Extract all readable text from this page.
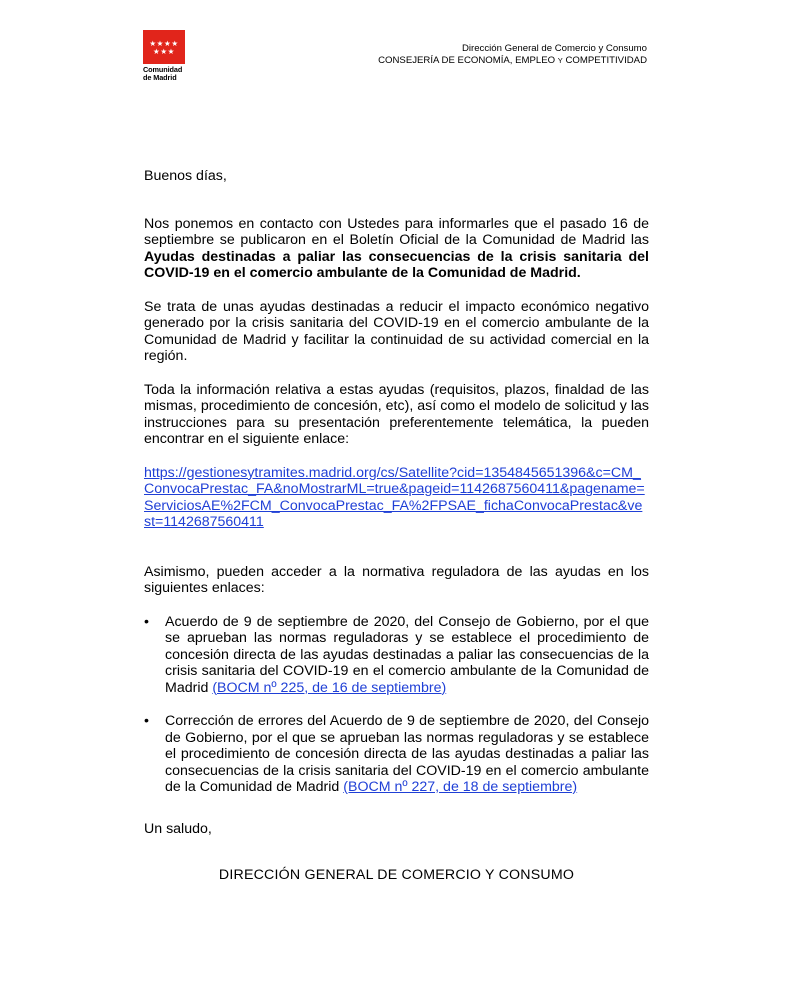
★★★★
★★★
Comunidad
de Madrid
Dirección General de Comercio y Consumo
CONSEJERÍA DE ECONOMÍA, EMPLEO Y COMPETITIVIDAD

Buenos días,

Nos ponemos en contacto con Ustedes para informarles que el pasado 16 de septiembre se publicaron en el Boletín Oficial de la Comunidad de Madrid las Ayudas destinadas a paliar las consecuencias de la crisis sanitaria del COVID-19 en el comercio ambulante de la Comunidad de Madrid.

Se trata de unas ayudas destinadas a reducir el impacto económico negativo generado por la crisis sanitaria del COVID-19 en el comercio ambulante de la Comunidad de Madrid y facilitar la continuidad de su actividad comercial en la región.

Toda la información relativa a estas ayudas (requisitos, plazos, finaldad de las mismas, procedimiento de concesión, etc), así como el modelo de solicitud y las instrucciones para su presentación preferentemente telemática, la pueden encontrar en el siguiente enlace:

https://gestionesytramites.madrid.org/cs/Satellite?cid=1354845651396&c=CM_ConvocaPrestac_FA&noMostrarML=true&pageid=1142687560411&pagename=ServiciosAE%2FCM_ConvocaPrestac_FA%2FPSAE_fichaConvocaPrestac&vest=1142687560411

Asimismo, pueden acceder a la normativa reguladora de las ayudas en los siguientes enlaces:

• Acuerdo de 9 de septiembre de 2020, del Consejo de Gobierno, por el que se aprueban las normas reguladoras y se establece el procedimiento de concesión directa de las ayudas destinadas a paliar las consecuencias de la crisis sanitaria del COVID-19 en el comercio ambulante de la Comunidad de Madrid (BOCM nº 225, de 16 de septiembre)
• Corrección de errores del Acuerdo de 9 de septiembre de 2020, del Consejo de Gobierno, por el que se aprueban las normas reguladoras y se establece el procedimiento de concesión directa de las ayudas destinadas a paliar las consecuencias de la crisis sanitaria del COVID-19 en el comercio ambulante de la Comunidad de Madrid (BOCM nº 227, de 18 de septiembre)

Un saludo,

DIRECCIÓN GENERAL DE COMERCIO Y CONSUMO
